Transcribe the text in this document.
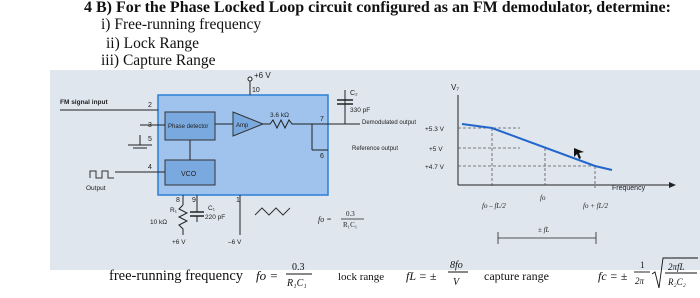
4 B) For the Phase Locked Loop circuit configured as an FM demodulator, determine:
i) Free-running frequency
ii) Lock Range
iii) Capture Range
+6 V
10
2
3
5
4
8 9	1
7
6
FM signal input
Output
Phase detector	Amp
VCO
3.6 kΩ
C₂
330 pF
Demodulated output
Reference output
R₁
10 kΩ
C₁
220 pF
+6 V	–6 V
fo =
0.3
R₁C₁
V₇
Frequency
+5.3 V
+5 V
+4.7 V
fo – fL/2
fo
fo + fL/2
± fL
free-running frequency fo =
0.3
R₁C₁
lock range fL = ±
8fo
V capture range	fc = ±
1
2π
2πfL
R₂C₂
